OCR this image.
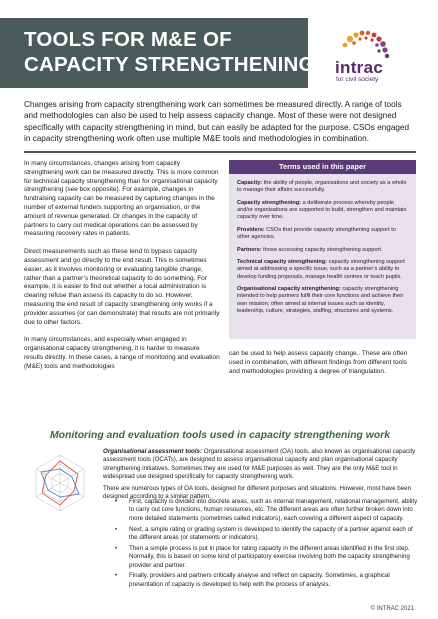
TOOLS FOR M&E OF
CAPACITY STRENGTHENING	intrac
for civil society
Changes arising from capacity strengthening work can sometimes be measured directly. A range of tools and methodologies can also be used to help assess capacity change. Most of these were not designed specifically with capacity strengthening in mind, but can easily be adapted for the purpose. CSOs engaged in capacity strengthening work often use multiple M&E tools and methodologies in combination.

In many circumstances, changes arising from capacity strengthening work can be measured directly. This is more common for technical capacity strengthening than for organisational capacity strengthening (see box opposite). For example, changes in fundraising capacity can be measured by capturing changes in the number of external funders supporting an organisation, or the amount of revenue generated. Or changes in the capacity of partners to carry out medical operations can be assessed by measuring recovery rates in patients.

Direct measurements such as these tend to bypass capacity assessment and go directly to the end result. This is sometimes easier, as it involves monitoring or evaluating tangible change, rather than a partner’s theoretical capacity to do something. For example, it is easier to find out whether a local administration is clearing refuse than assess its capacity to do so. However, measuring the end result of capacity strengthening only works if a provider assumes (or can demonstrate) that results are not primarily due to other factors.

In many circumstances, and especially when engaged in organisational capacity strengthening, it is harder to measure results directly. In these cases, a range of monitoring and evaluation (M&E) tools and methodologies

Terms used in this paper

Capacity: the ability of people, organisations and society as a whole to manage their affairs successfully.

Capacity strengthening: a deliberate process whereby people and/or organisations are supported to build, strengthen and maintain capacity over time.

Providers: CSOs that provide capacity strengthening support to other agencies.

Partners: those accessing capacity strengthening support.

Technical capacity strengthening: capacity strengthening support aimed at addressing a specific issue, such as a partner’s ability to develop funding proposals, manage health centres or teach pupils.

Organisational capacity strengthening: capacity strengthening intended to help partners fulfil their core functions and achieve their own mission; often aimed at internal issues such as identity, leadership, culture, strategies, staffing, structures and systems.

can be used to help assess capacity change.. These are often used in combination, with different findings from different tools and methodologies providing a degree of triangulation.
Monitoring and evaluation tools used in capacity strengthening work

Organisational assessment tools: Organisational assessment (OA) tools, also known as organisational capacity assessment tools (OCATs), are designed to assess organisational capacity and plan organisational capacity strengthening initiatives. Sometimes they are used for M&E purposes as well. They are the only M&E tool in widespread use designed specifically for capacity strengthening work.

There are numerous types of OA tools, designed for different purposes and situations. However, most have been designed according to a similar pattern.

• First, capacity is divided into discrete areas, such as internal management, relational management, ability to carry out core functions, human resources, etc. The different areas are often further broken down into more detailed statements (sometimes called indicators), each covering a different aspect of capacity.
• Next, a simple rating or grading system is developed to identify the capacity of a partner against each of the different areas (or statements or indicators).
• Then a simple process is put in place for rating capacity in the different areas identified in the first step. Normally, this is based on some kind of participatory exercise involving both the capacity strengthening provider and partner.
• Finally, providers and partners critically analyse and reflect on capacity. Sometimes, a graphical presentation of capacity is developed to help with the process of analysis.
© INTRAC 2021
